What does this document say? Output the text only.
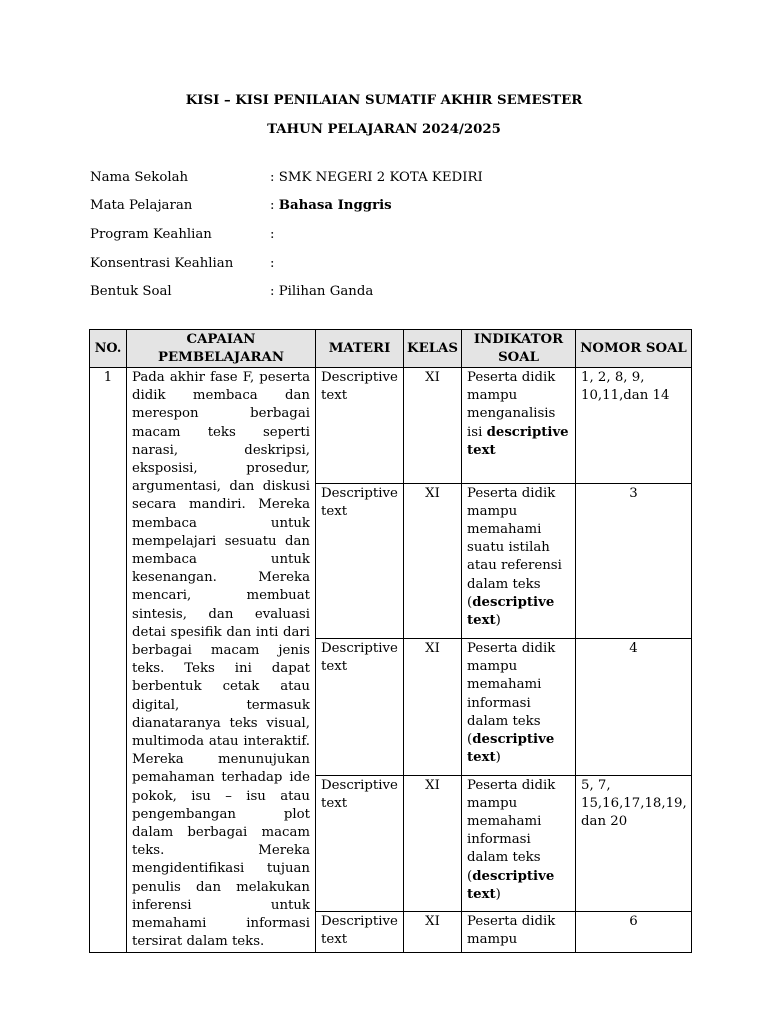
KISI – KISI PENILAIAN SUMATIF AKHIR SEMESTER
TAHUN PELAJARAN 2024/2025
Nama Sekolah	: SMK NEGERI 2 KOTA KEDIRI
Mata Pelajaran	: Bahasa Inggris
Program Keahlian	:
Konsentrasi Keahlian	:
Bentuk Soal	: Pilihan Ganda
NO.	CAPAIAN PEMBELAJARAN	MATERI	KELAS	INDIKATOR SOAL	NOMOR SOAL
1	Pada akhir fase F, peserta didik membaca dan merespon berbagai macam teks seperti narasi, deskripsi, eksposisi, prosedur, argumentasi, dan diskusi secara mandiri. Mereka membaca untuk mempelajari sesuatu dan membaca untuk kesenangan. Mereka mencari, membuat sintesis, dan evaluasi detai spesifik dan inti dari berbagai macam jenis teks. Teks ini dapat berbentuk cetak atau digital, termasuk dianataranya teks visual, multimoda atau interaktif. Mereka menunujukan pemahaman terhadap ide pokok, isu – isu atau pengembangan plot dalam berbagai macam teks. Mereka mengidentifikasi tujuan penulis dan melakukan inferensi untuk memahami informasi tersirat dalam teks.	Descriptive text	XI	Peserta didik mampu menganalisis isi descriptive text	1, 2, 8, 9, 10,11,dan 14
		Descriptive text	XI	Peserta didik mampu memahami suatu istilah atau referensi dalam teks (descriptive text)	3
		Descriptive text	XI	Peserta didik mampu memahami informasi dalam teks (descriptive text)	4
		Descriptive text	XI	Peserta didik mampu memahami informasi dalam teks (descriptive text)	5, 7, 15,16,17,18,19, dan 20
		Descriptive text	XI	Peserta didik mampu	6
